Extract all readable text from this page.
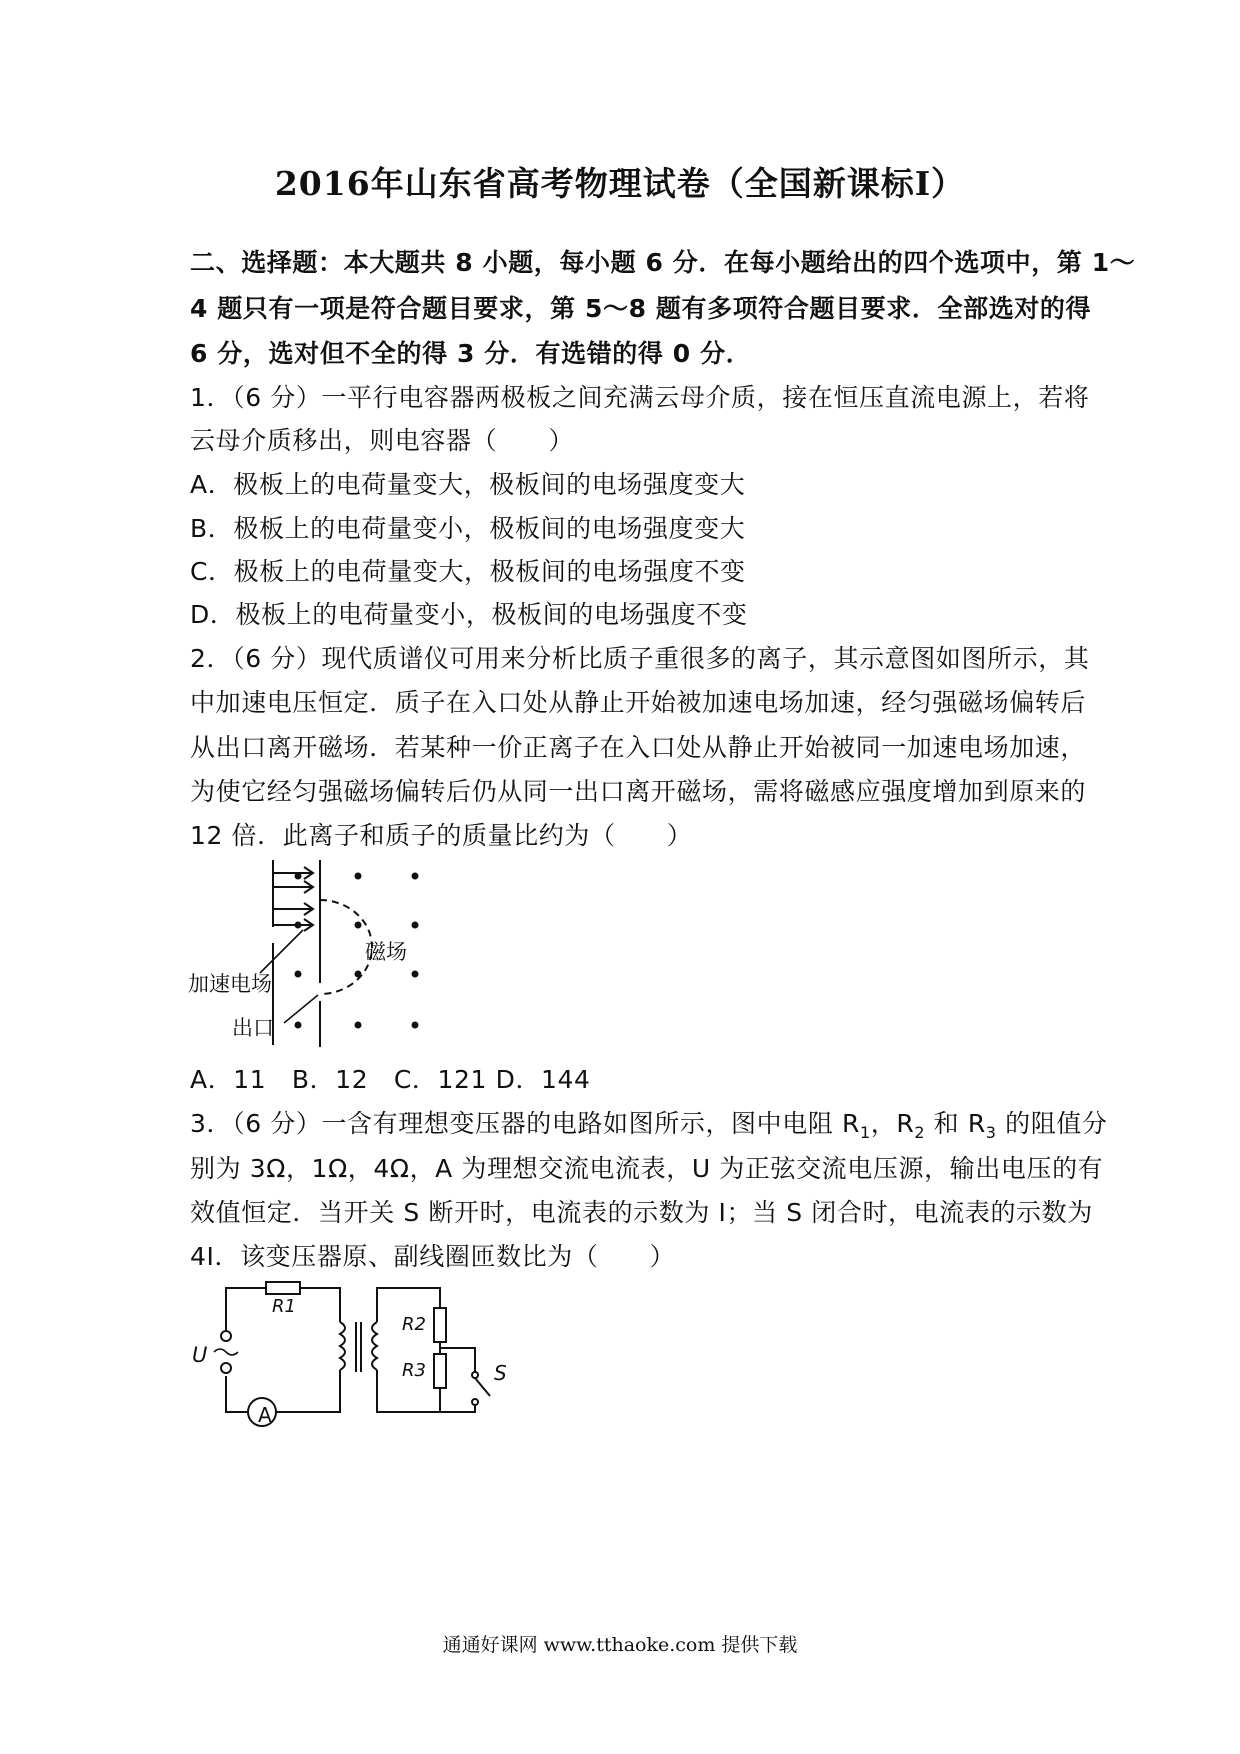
2016年山东省高考物理试卷（全国新课标Ⅰ）
二、选择题：本大题共 8 小题，每小题 6 分．在每小题给出的四个选项中，第 1～
4 题只有一项是符合题目要求，第 5～8 题有多项符合题目要求．全部选对的得
6 分，选对但不全的得 3 分．有选错的得 0 分．
1．（6 分）一平行电容器两极板之间充满云母介质，接在恒压直流电源上，若将
云母介质移出，则电容器（　　）
A．极板上的电荷量变大，极板间的电场强度变大
B．极板上的电荷量变小，极板间的电场强度变大
C．极板上的电荷量变大，极板间的电场强度不变
D．极板上的电荷量变小，极板间的电场强度不变
2．（6 分）现代质谱仪可用来分析比质子重很多的离子，其示意图如图所示，其
中加速电压恒定．质子在入口处从静止开始被加速电场加速，经匀强磁场偏转后
从出口离开磁场．若某种一价正离子在入口处从静止开始被同一加速电场加速，
为使它经匀强磁场偏转后仍从同一出口离开磁场，需将磁感应强度增加到原来的
12 倍．此离子和质子的质量比约为（　　）
磁场
加速电场
出口
A．11　B．12　C．121 D．144
3．（6 分）一含有理想变压器的电路如图所示，图中电阻 $R_1$，$R_2$ 和 $R_3$ 的阻值分
别为 3Ω，1Ω，4Ω，A 为理想交流电流表，U 为正弦交流电压源，输出电压的有
效值恒定．当开关 S 断开时，电流表的示数为 I；当 S 闭合时，电流表的示数为
4I．该变压器原、副线圈匝数比为（　　）
A
R1
R2
R3
U
S
通通好课网 www.tthaoke.com 提供下载
